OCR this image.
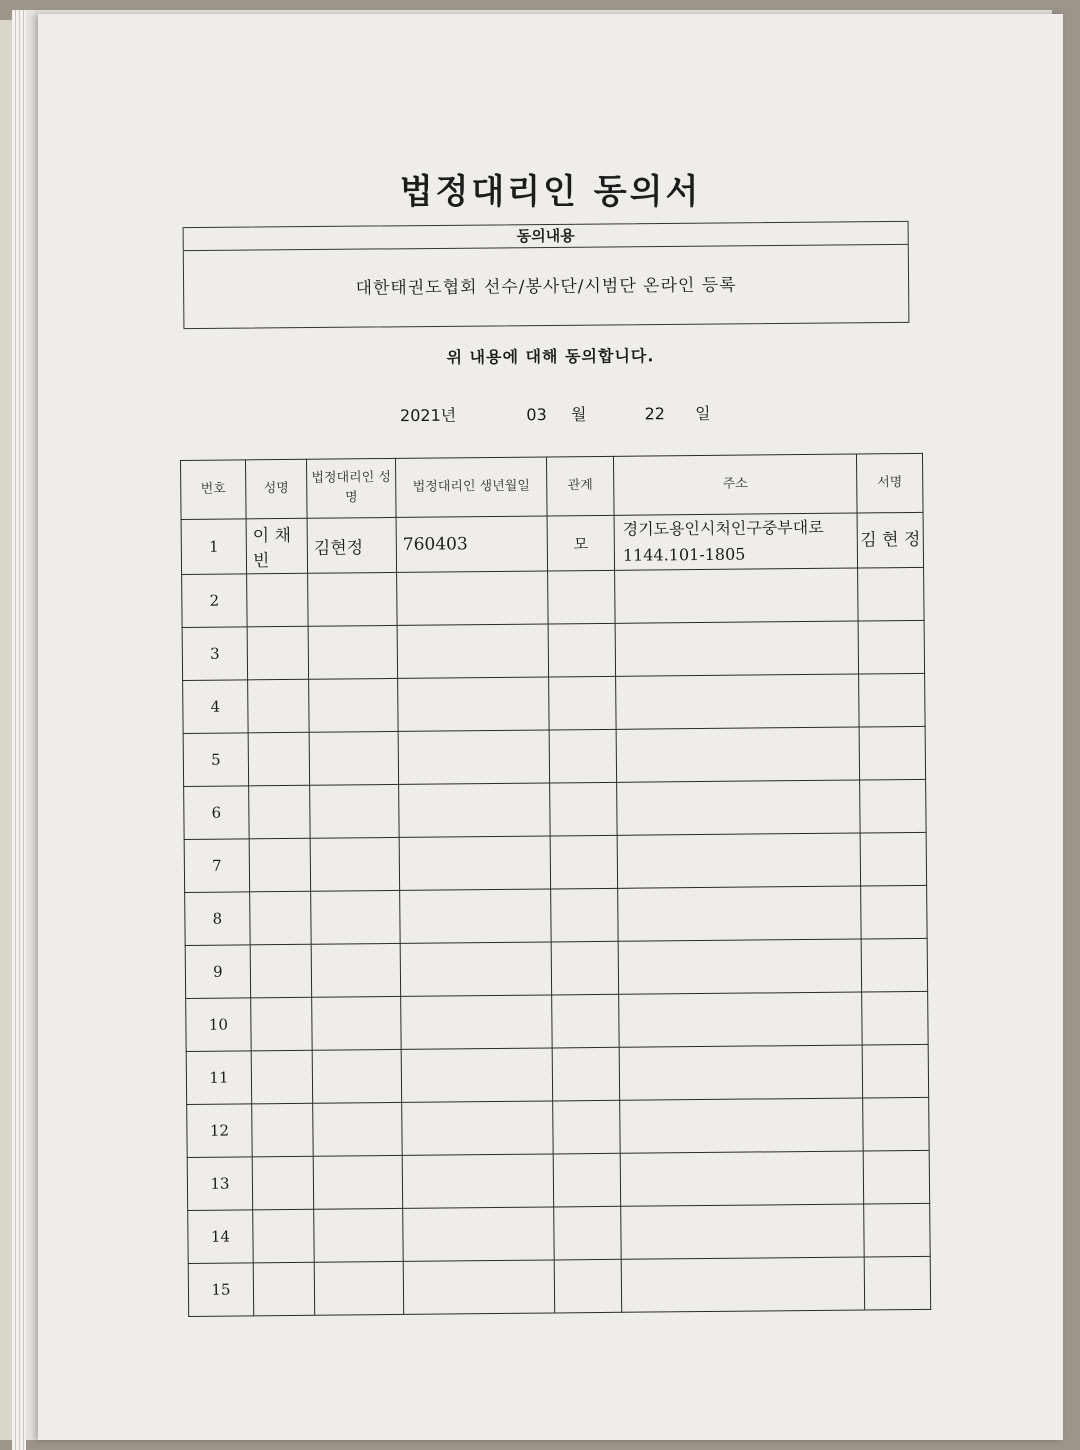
법정대리인 동의서
동의내용
대한태권도협회 선수/봉사단/시범단 온라인 등록
위 내용에 대해 동의합니다.
2021년	03 월	22 일
번호	성명	법정대리인 성명	법정대리인 생년월일	관계	주소	서명
1	이 채 빈	김현정	760403	모	경기도용인시처인구중부대로1144.101-1805	김 현 정
2						
3						
4						
5						
6						
7						
8						
9						
10						
11						
12						
13						
14						
15						
